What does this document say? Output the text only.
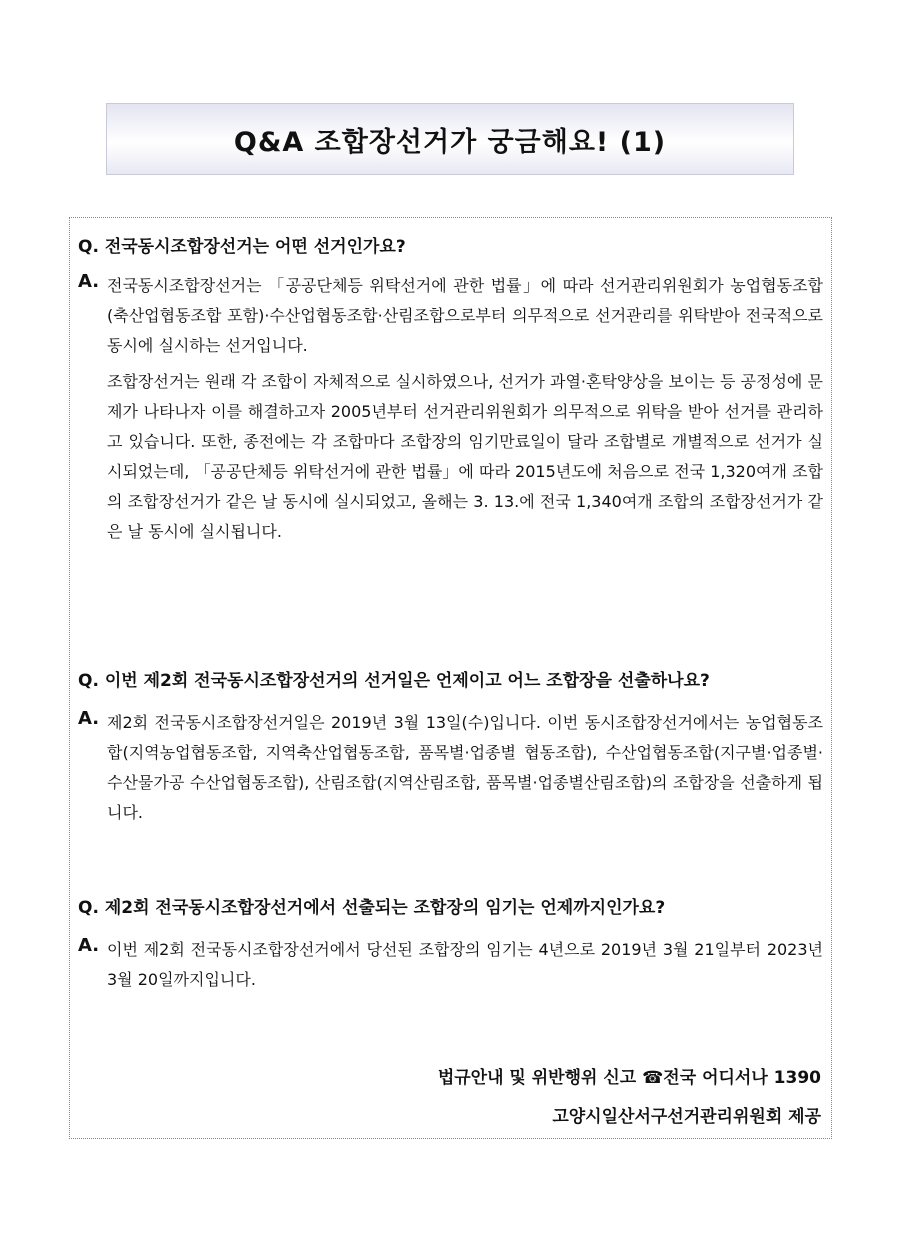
Q&A 조합장선거가 궁금해요! (1)
Q. 전국동시조합장선거는 어떤 선거인가요?
A. 전국동시조합장선거는 「공공단체등 위탁선거에 관한 법률」에 따라 선거관리위원회가 농업협동조합(축산업협동조합 포함)·수산업협동조합·산림조합으로부터 의무적으로 선거관리를 위탁받아 전국적으로 동시에 실시하는 선거입니다.

조합장선거는 원래 각 조합이 자체적으로 실시하였으나, 선거가 과열·혼탁양상을 보이는 등 공정성에 문제가 나타나자 이를 해결하고자 2005년부터 선거관리위원회가 의무적으로 위탁을 받아 선거를 관리하고 있습니다. 또한, 종전에는 각 조합마다 조합장의 임기만료일이 달라 조합별로 개별적으로 선거가 실시되었는데, 「공공단체등 위탁선거에 관한 법률」에 따라 2015년도에 처음으로 전국 1,320여개 조합의 조합장선거가 같은 날 동시에 실시되었고, 올해는 3. 13.에 전국 1,340여개 조합의 조합장선거가 같은 날 동시에 실시됩니다.

Q. 이번 제2회 전국동시조합장선거의 선거일은 언제이고 어느 조합장을 선출하나요?
A. 제2회 전국동시조합장선거일은 2019년 3월 13일(수)입니다. 이번 동시조합장선거에서는 농업협동조합(지역농업협동조합, 지역축산업협동조합, 품목별·업종별 협동조합), 수산업협동조합(지구별·업종별·수산물가공 수산업협동조합), 산림조합(지역산림조합, 품목별·업종별산림조합)의 조합장을 선출하게 됩니다.

Q. 제2회 전국동시조합장선거에서 선출되는 조합장의 임기는 언제까지인가요?
A. 이번 제2회 전국동시조합장선거에서 당선된 조합장의 임기는 4년으로 2019년 3월 21일부터 2023년 3월 20일까지입니다.

법규안내 및 위반행위 신고 ☎전국 어디서나 1390
고양시일산서구선거관리위원회 제공
